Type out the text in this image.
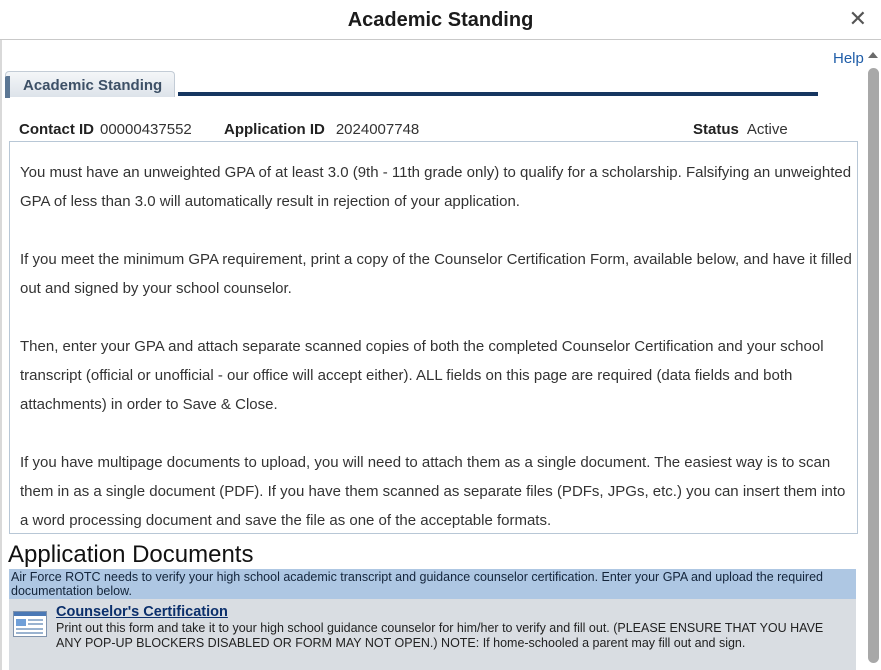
Academic Standing	✕
Help
Academic Standing
Contact ID 00000437552 Application ID 2024007748	Status Active

You must have an unweighted GPA of at least 3.0 (9th - 11th grade only) to qualify for a scholarship. Falsifying an unweighted GPA of less than 3.0 will automatically result in rejection of your application.

If you meet the minimum GPA requirement, print a copy of the Counselor Certification Form, available below, and have it filled out and signed by your school counselor.

Then, enter your GPA and attach separate scanned copies of both the completed Counselor Certification and your school transcript (official or unofficial - our office will accept either). ALL fields on this page are required (data fields and both attachments) in order to Save & Close.

If you have multipage documents to upload, you will need to attach them as a single document. The easiest way is to scan them in as a single document (PDF). If you have them scanned as separate files (PDFs, JPGs, etc.) you can insert them into a word processing document and save the file as one of the acceptable formats.

Application Documents
Air Force ROTC needs to verify your high school academic transcript and guidance counselor certification. Enter your GPA and upload the required documentation below.
Counselor's Certification
Print out this form and take it to your high school guidance counselor for him/her to verify and fill out. (PLEASE ENSURE THAT YOU HAVE ANY POP-UP BLOCKERS DISABLED OR FORM MAY NOT OPEN.) NOTE: If home-schooled a parent may fill out and sign.
